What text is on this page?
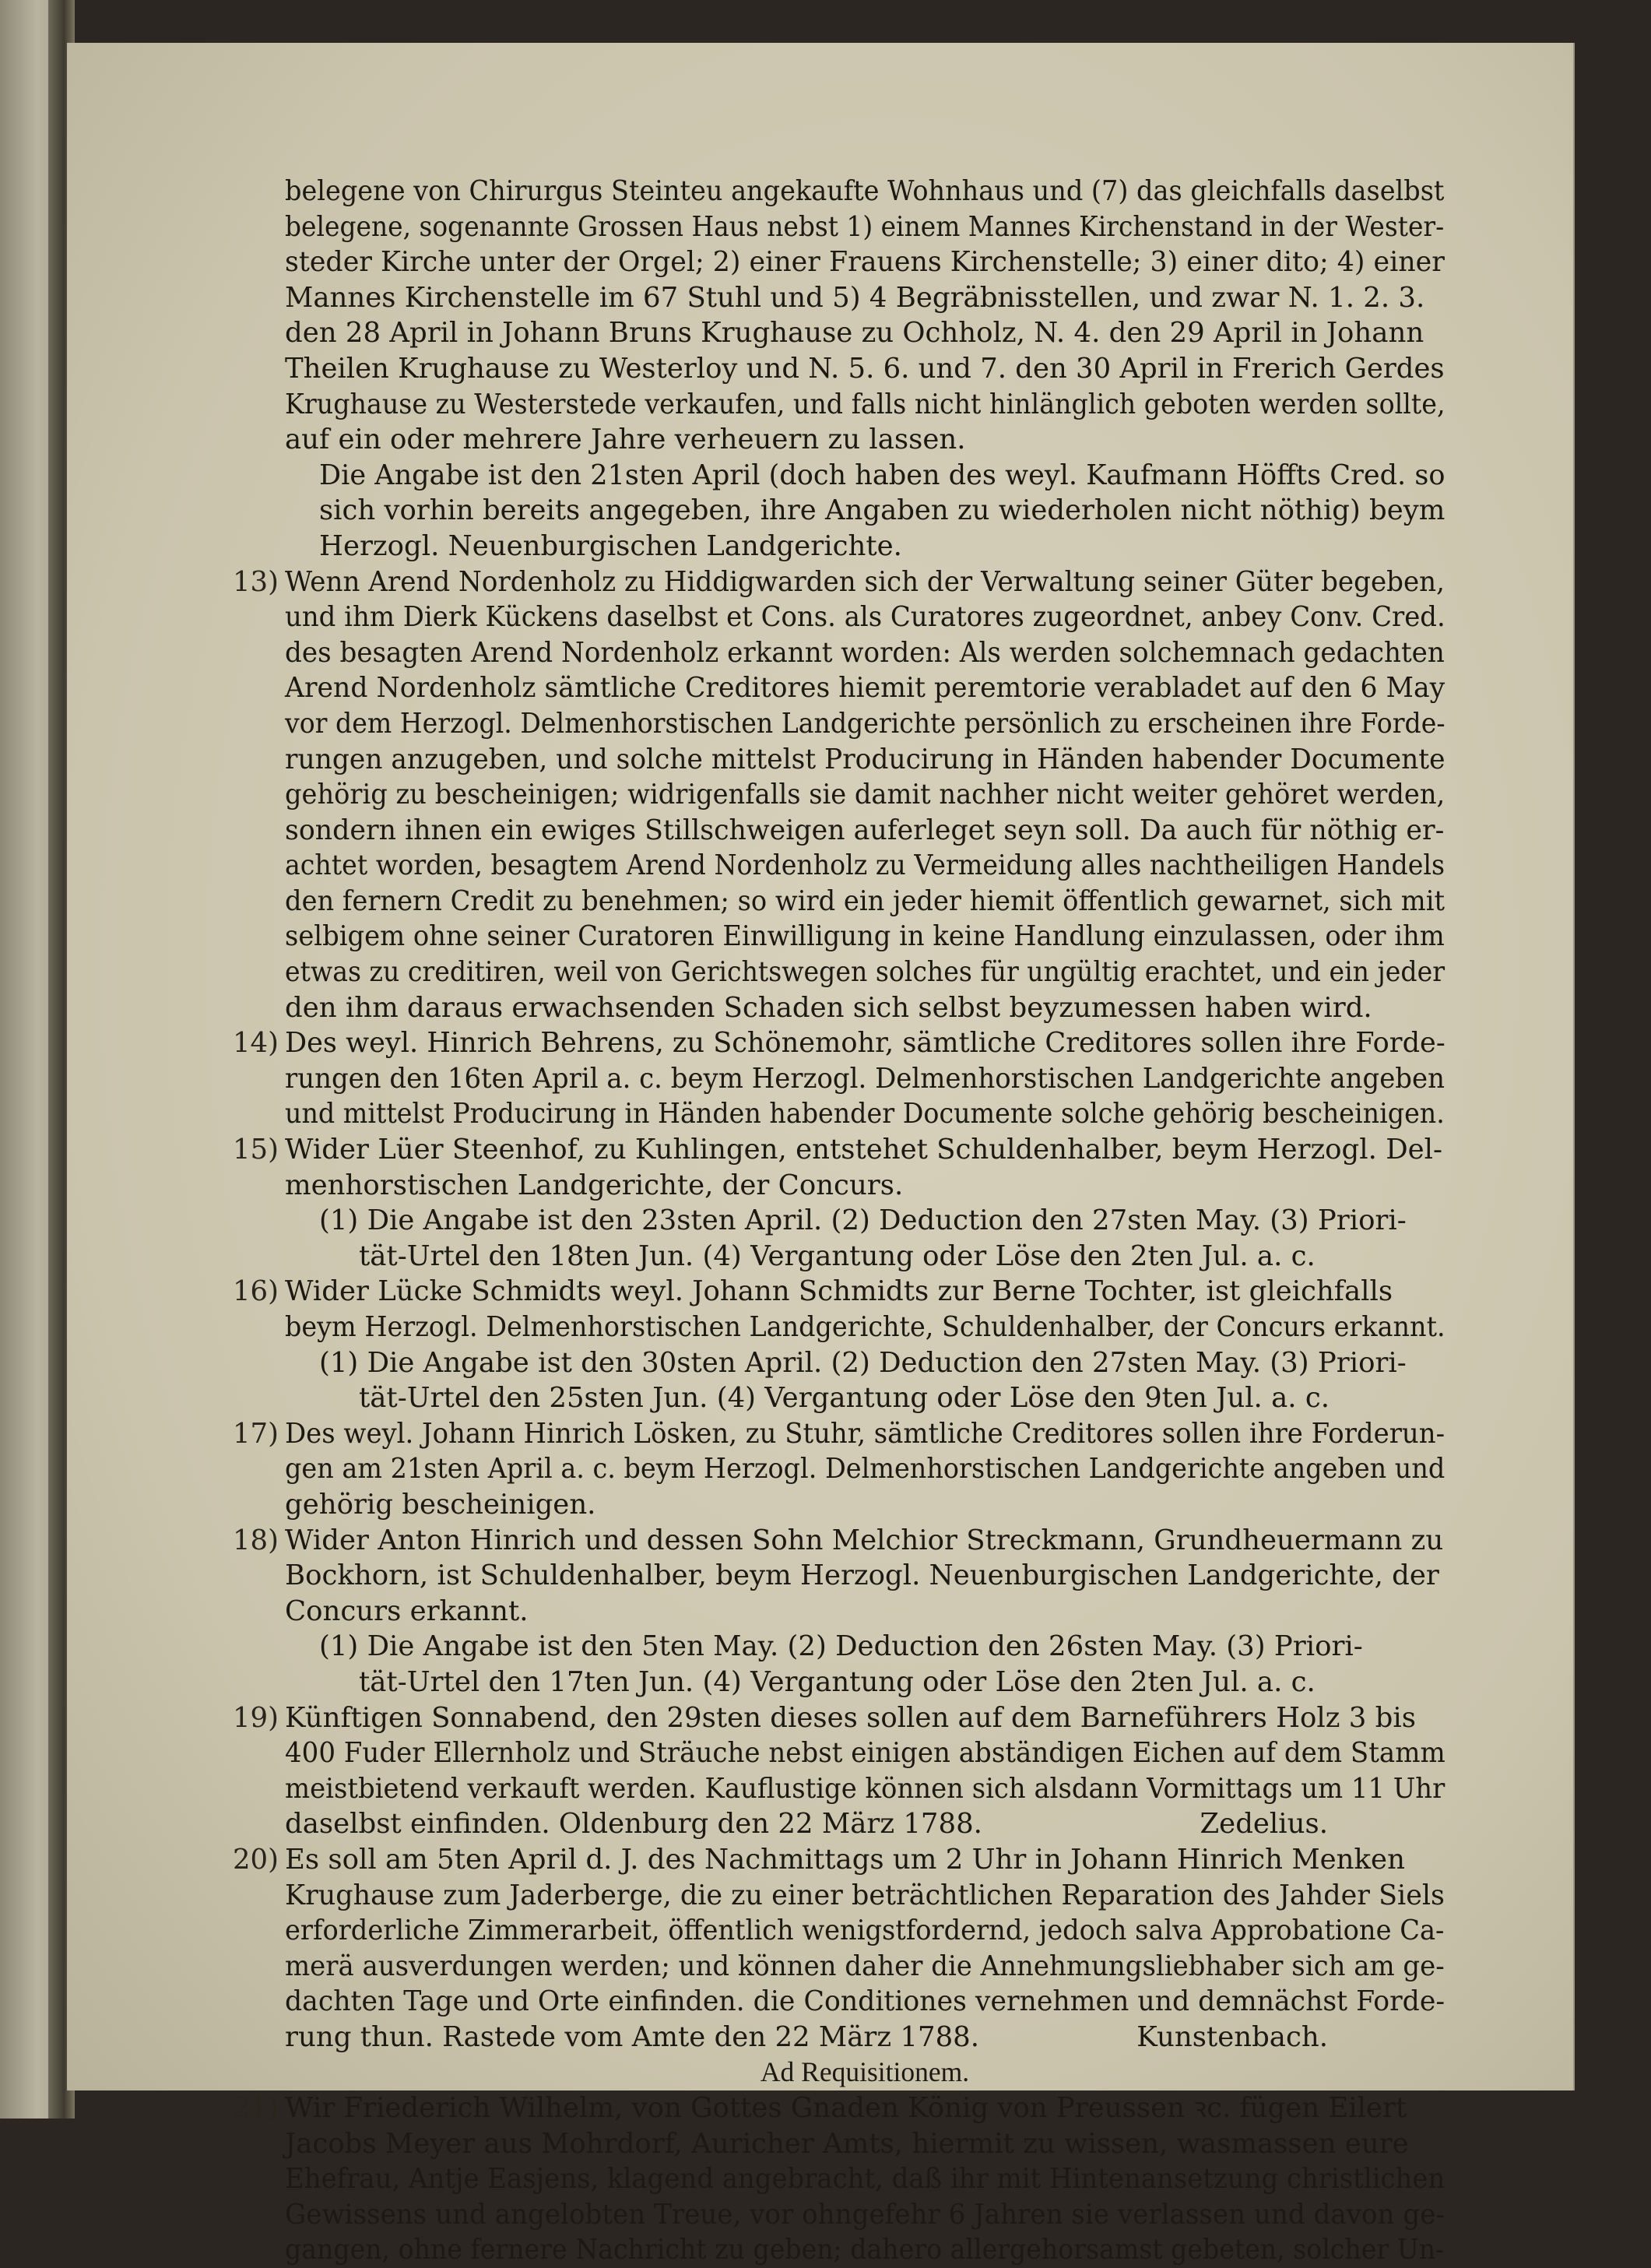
belegene von Chirurgus Steinteu angekaufte Wohnhaus und (7) das gleichfalls daselbst
belegene, sogenannte Grossen Haus nebst 1) einem Mannes Kirchenstand in der Wester-
steder Kirche unter der Orgel; 2) einer Frauens Kirchenstelle; 3) einer dito; 4) einer
Mannes Kirchenstelle im 67 Stuhl und 5) 4 Begräbnisstellen, und zwar N. 1. 2. 3.
den 28 April in Johann Bruns Krughause zu Ochholz, N. 4. den 29 April in Johann
Theilen Krughause zu Westerloy und N. 5. 6. und 7. den 30 April in Frerich Gerdes
Krughause zu Westerstede verkaufen, und falls nicht hinlänglich geboten werden sollte,
auf ein oder mehrere Jahre verheuern zu lassen.
Die Angabe ist den 21sten April (doch haben des weyl. Kaufmann Höffts Cred. so
sich vorhin bereits angegeben, ihre Angaben zu wiederholen nicht nöthig) beym
Herzogl. Neuenburgischen Landgerichte.
13) Wenn Arend Nordenholz zu Hiddigwarden sich der Verwaltung seiner Güter begeben,
und ihm Dierk Kückens daselbst et Cons. als Curatores zugeordnet, anbey Conv. Cred.
des besagten Arend Nordenholz erkannt worden: Als werden solchemnach gedachten
Arend Nordenholz sämtliche Creditores hiemit peremtorie verabladet auf den 6 May
vor dem Herzogl. Delmenhorstischen Landgerichte persönlich zu erscheinen ihre Forde-
rungen anzugeben, und solche mittelst Producirung in Händen habender Documente
gehörig zu bescheinigen; widrigenfalls sie damit nachher nicht weiter gehöret werden,
sondern ihnen ein ewiges Stillschweigen auferleget seyn soll. Da auch für nöthig er-
achtet worden, besagtem Arend Nordenholz zu Vermeidung alles nachtheiligen Handels
den fernern Credit zu benehmen; so wird ein jeder hiemit öffentlich gewarnet, sich mit
selbigem ohne seiner Curatoren Einwilligung in keine Handlung einzulassen, oder ihm
etwas zu creditiren, weil von Gerichtswegen solches für ungültig erachtet, und ein jeder
den ihm daraus erwachsenden Schaden sich selbst beyzumessen haben wird.
14) Des weyl. Hinrich Behrens, zu Schönemohr, sämtliche Creditores sollen ihre Forde-
rungen den 16ten April a. c. beym Herzogl. Delmenhorstischen Landgerichte angeben
und mittelst Producirung in Händen habender Documente solche gehörig bescheinigen.
15) Wider Lüer Steenhof, zu Kuhlingen, entstehet Schuldenhalber, beym Herzogl. Del-
menhorstischen Landgerichte, der Concurs.
(1) Die Angabe ist den 23sten April. (2) Deduction den 27sten May. (3) Priori-
tät-Urtel den 18ten Jun. (4) Vergantung oder Löse den 2ten Jul. a. c.
16) Wider Lücke Schmidts weyl. Johann Schmidts zur Berne Tochter, ist gleichfalls
beym Herzogl. Delmenhorstischen Landgerichte, Schuldenhalber, der Concurs erkannt.
(1) Die Angabe ist den 30sten April. (2) Deduction den 27sten May. (3) Priori-
tät-Urtel den 25sten Jun. (4) Vergantung oder Löse den 9ten Jul. a. c.
17) Des weyl. Johann Hinrich Lösken, zu Stuhr, sämtliche Creditores sollen ihre Forderun-
gen am 21sten April a. c. beym Herzogl. Delmenhorstischen Landgerichte angeben und
gehörig bescheinigen.
18) Wider Anton Hinrich und dessen Sohn Melchior Streckmann, Grundheuermann zu
Bockhorn, ist Schuldenhalber, beym Herzogl. Neuenburgischen Landgerichte, der
Concurs erkannt.
(1) Die Angabe ist den 5ten May. (2) Deduction den 26sten May. (3) Priori-
tät-Urtel den 17ten Jun. (4) Vergantung oder Löse den 2ten Jul. a. c.
19) Künftigen Sonnabend, den 29sten dieses sollen auf dem Barneführers Holz 3 bis
400 Fuder Ellernholz und Sträuche nebst einigen abständigen Eichen auf dem Stamm
meistbietend verkauft werden. Kauflustige können sich alsdann Vormittags um 11 Uhr
daselbst einfinden. Oldenburg den 22 März 1788.	Zedelius.
20) Es soll am 5ten April d. J. des Nachmittags um 2 Uhr in Johann Hinrich Menken
Krughause zum Jaderberge, die zu einer beträchtlichen Reparation des Jahder Siels
erforderliche Zimmerarbeit, öffentlich wenigstfordernd, jedoch salva Approbatione Ca-
merä ausverdungen werden; und können daher die Annehmungsliebhaber sich am ge-
dachten Tage und Orte einfinden. die Conditiones vernehmen und demnächst Forde-
rung thun. Rastede vom Amte den 22 März 1788.	Kunstenbach.
Ad Requisitionem.
21) Wir Friederich Wilhelm, von Gottes Gnaden König von Preussen ꝛc. fügen Eilert
Jacobs Meyer aus Mohrdorf, Auricher Amts, hiermit zu wissen, wasmassen eure
Ehefrau, Antje Easjens, klagend angebracht, daß ihr mit Hintenansetzung christlichen
Gewissens und angelobten Treue, vor ohngefehr 6 Jahren sie verlassen und davon ge-
gangen, ohne fernere Nachricht zu geben; dahero allergehorsamst gebeten, solcher Un-
